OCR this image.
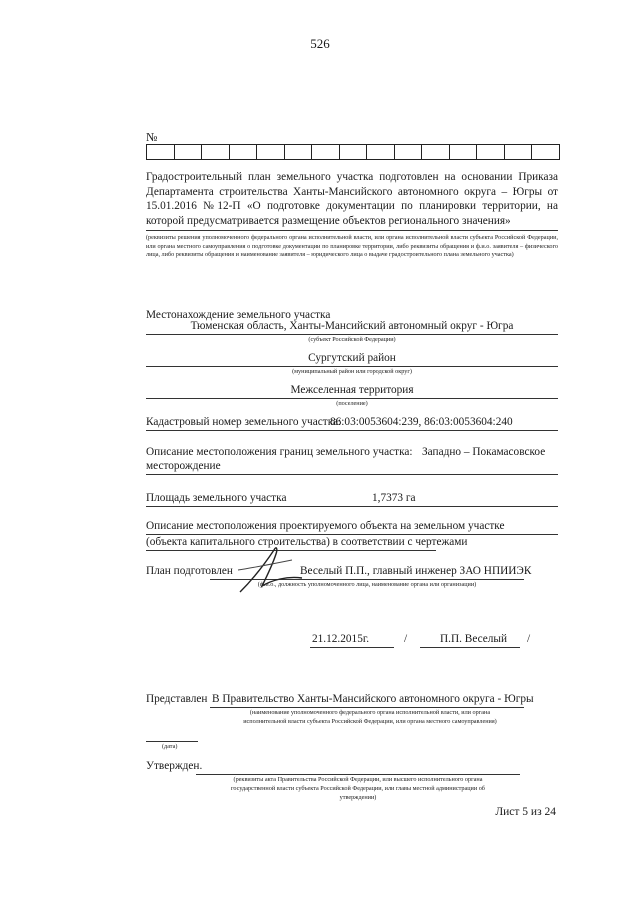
526
№
Градостроительный план земельного участка подготовлен на основании Приказа Департамента строительства Ханты-Мансийского автономного округа – Югры от 15.01.2016 №12-П «О подготовке документации по планировки территории, на которой предусматривается размещение объектов регионального значения»
(реквизиты решения уполномоченного федерального органа исполнительной власти, или органа исполнительной власти субъекта Российской Федерации, или органа местного самоуправления о подготовке документации по планировке территории, либо реквизиты обращения и ф.и.о. заявителя – физического лица, либо реквизиты обращения и наименование заявителя – юридического лица о выдаче градостроительного плана земельного участка)
Местонахождение земельного участка
Тюменская область, Ханты-Мансийский автономный округ - Югра
(субъект Российской Федерации)
Сургутский район
(муниципальный район или городской округ)
Межселенная территория
(поселение)
Кадастровый номер земельного участка:
86:03:0053604:239, 86:03:0053604:240
Описание местоположения границ земельного участка: Западно – Покамасовское
месторождение
Площадь земельного участка	1,7373 га
Описание местоположения проектируемого объекта на земельном участке
(объекта капитального строительства) в соответствии с чертежами
План подготовлен	Веселый П.П., главный инженер ЗАО НПИИЭК
(ф.и.о., должность уполномоченного лица, наименование органа или организации)
21.12.2015г.	/	П.П. Веселый /
Представлен В Правительство Ханты-Мансийского автономного округа - Югры
(наименование уполномоченного федерального органа исполнительной власти, или органа
исполнительной власти субъекта Российской Федерации, или органа местного самоуправления)
(дата)
Утвержден.
(реквизиты акта Правительства Российской Федерации, или высшего исполнительного органа
государственной власти субъекта Российской Федерации, или главы местной администрации об
утверждении)
Лист 5 из 24
